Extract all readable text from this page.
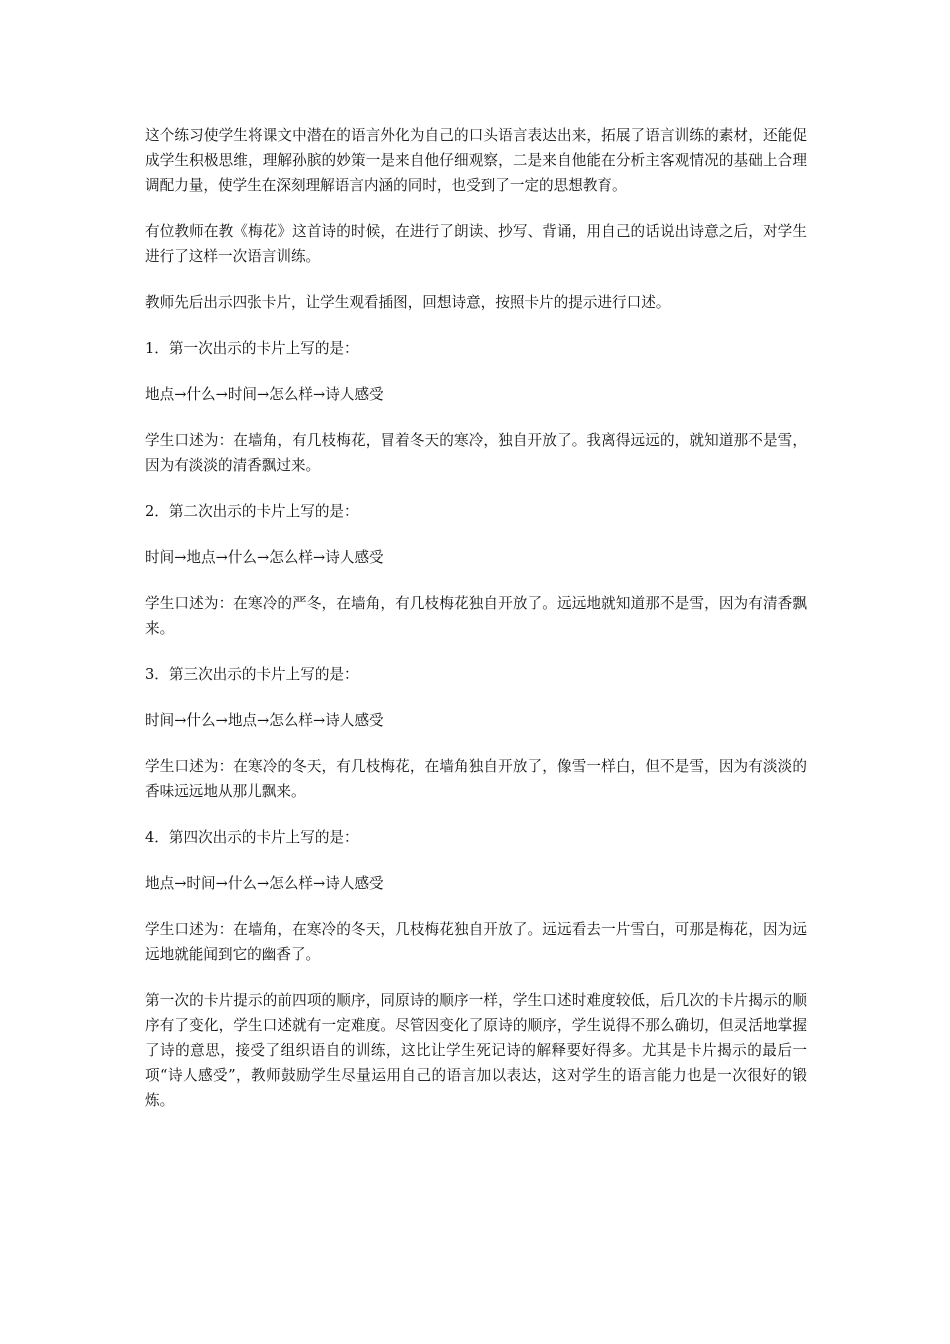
这个练习使学生将课文中潜在的语言外化为自己的口头语言表达出来，拓展了语言训练的素材，还能促成学生积极思维，理解孙膑的妙策一是来自他仔细观察，二是来自他能在分析主客观情况的基础上合理调配力量，使学生在深刻理解语言内涵的同时，也受到了一定的思想教育。

有位教师在教《梅花》这首诗的时候，在进行了朗读、抄写、背诵，用自己的话说出诗意之后，对学生进行了这样一次语言训练。

教师先后出示四张卡片，让学生观看插图，回想诗意，按照卡片的提示进行口述。

1．第一次出示的卡片上写的是：

地点→什么→时间→怎么样→诗人感受

学生口述为：在墙角，有几枝梅花，冒着冬天的寒冷，独自开放了。我离得远远的，就知道那不是雪，因为有淡淡的清香飘过来。

2．第二次出示的卡片上写的是：

时间→地点→什么→怎么样→诗人感受

学生口述为：在寒冷的严冬，在墙角，有几枝梅花独自开放了。远远地就知道那不是雪，因为有清香飘来。

3．第三次出示的卡片上写的是：

时间→什么→地点→怎么样→诗人感受

学生口述为：在寒冷的冬天，有几枝梅花，在墙角独自开放了，像雪一样白，但不是雪，因为有淡淡的香味远远地从那儿飘来。

4．第四次出示的卡片上写的是：

地点→时间→什么→怎么样→诗人感受

学生口述为：在墙角，在寒冷的冬天，几枝梅花独自开放了。远远看去一片雪白，可那是梅花，因为远远地就能闻到它的幽香了。

第一次的卡片提示的前四项的顺序，同原诗的顺序一样，学生口述时难度较低，后几次的卡片揭示的顺序有了变化，学生口述就有一定难度。尽管因变化了原诗的顺序，学生说得不那么确切，但灵活地掌握了诗的意思，接受了组织语自的训练，这比让学生死记诗的解释要好得多。尤其是卡片揭示的最后一项“诗人感受”，教师鼓励学生尽量运用自己的语言加以表达，这对学生的语言能力也是一次很好的锻炼。
